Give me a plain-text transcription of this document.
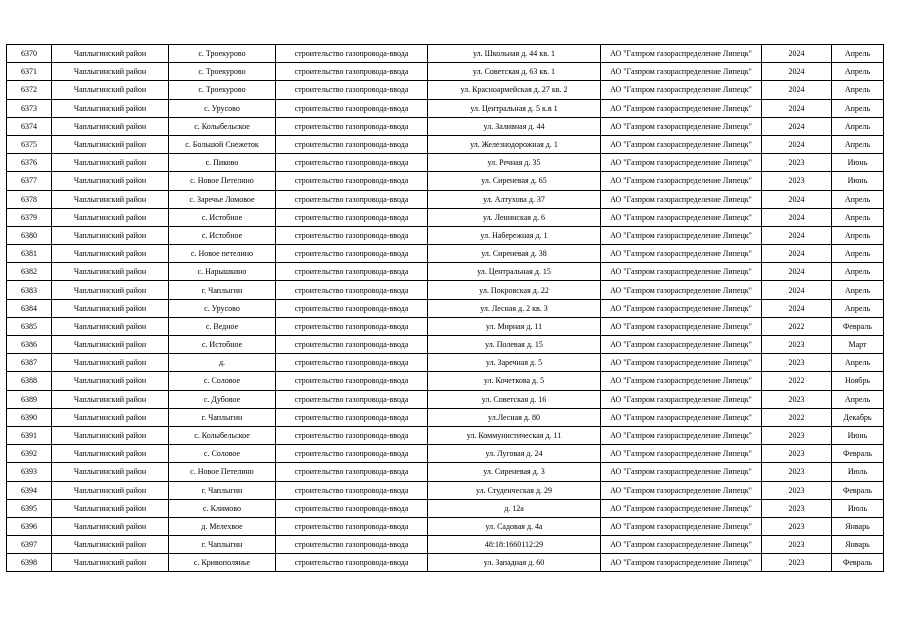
6370	Чаплыгинский район	с. Троекурово	строительство газопровода-ввода	ул. Школьная д. 44 кв. 1	АО "Газпром газораспределение Липецк"	2024	Апрель
6371	Чаплыгинский район	с. Троекурово	строительство газопровода-ввода	ул. Советская д. 63 кв. 1	АО "Газпром газораспределение Липецк"	2024	Апрель
6372	Чаплыгинский район	с. Троекурово	строительство газопровода-ввода	ул. Красноармейская д. 27 кв. 2	АО "Газпром газораспределение Липецк"	2024	Апрель
6373	Чаплыгинский район	с. Урусово	строительство газопровода-ввода	ул. Центральная д. 5 к.в 1	АО "Газпром газораспределение Липецк"	2024	Апрель
6374	Чаплыгинский район	с. Колыбельское	строительство газопровода-ввода	ул. Заливная д. 44	АО "Газпром газораспределение Липецк"	2024	Апрель
6375	Чаплыгинский район	с. Большой Снежеток	строительство газопровода-ввода	ул. Железнодорожная д. 1	АО "Газпром газораспределение Липецк"	2024	Апрель
6376	Чаплыгинский район	с. Пиково	строительство газопровода-ввода	ул. Речная д. 35	АО "Газпром газораспределение Липецк"	2023	Июнь
6377	Чаплыгинский район	с. Новое Петелино	строительство газопровода-ввода	ул. Сиреневая д. 65	АО "Газпром газораспределение Липецк"	2023	Июнь
6378	Чаплыгинский район	с. Заречье Ломовое	строительство газопровода-ввода	ул. Алтухова д. 37	АО "Газпром газораспределение Липецк"	2024	Апрель
6379	Чаплыгинский район	с. Истобное	строительство газопровода-ввода	ул. Ленинская д. 6	АО "Газпром газораспределение Липецк"	2024	Апрель
6380	Чаплыгинский район	с. Истобное	строительство газопровода-ввода	ул. Набережная д. 1	АО "Газпром газораспределение Липецк"	2024	Апрель
6381	Чаплыгинский район	с. Новое петелино	строительство газопровода-ввода	ул. Сиреневая д. 38	АО "Газпром газораспределение Липецк"	2024	Апрель
6382	Чаплыгинский район	с. Нарышкино	строительство газопровода-ввода	ул. Центральная д. 15	АО "Газпром газораспределение Липецк"	2024	Апрель
6383	Чаплыгинский район	г. Чаплыгин	строительство газопровода-ввода	ул. Покровская д. 22	АО "Газпром газораспределение Липецк"	2024	Апрель
6384	Чаплыгинский район	с. Урусово	строительство газопровода-ввода	ул. Лесная д. 2 кв. 3	АО "Газпром газораспределение Липецк"	2024	Апрель
6385	Чаплыгинский район	с. Ведное	строительство газопровода-ввода	ул. Мирная д. 11	АО "Газпром газораспределение Липецк"	2022	Февраль
6386	Чаплыгинский район	с. Истобное	строительство газопровода-ввода	ул. Полевая д. 15	АО "Газпром газораспределение Липецк"	2023	Март
6387	Чаплыгинский район	д.	строительство газопровода-ввода	ул. Заречная д. 5	АО "Газпром газораспределение Липецк"	2023	Апрель
6388	Чаплыгинский район	с. Соловое	строительство газопровода-ввода	ул. Кочеткова д. 5	АО "Газпром газораспределение Липецк"	2022	Ноябрь
6389	Чаплыгинский район	с. Дубовое	строительство газопровода-ввода	ул. Советская д. 16	АО "Газпром газораспределение Липецк"	2023	Апрель
6390	Чаплыгинский район	г. Чаплыгин	строительство газопровода-ввода	ул.Лесная д. 80	АО "Газпром газораспределение Липецк"	2022	Декабрь
6391	Чаплыгинский район	с. Колыбельское	строительство газопровода-ввода	ул. Коммунистическая д. 11	АО "Газпром газораспределение Липецк"	2023	Июнь
6392	Чаплыгинский район	с. Соловое	строительство газопровода-ввода	ул. Луговая д. 24	АО "Газпром газораспределение Липецк"	2023	Февраль
6393	Чаплыгинский район	с. Новое Петелино	строительство газопровода-ввода	ул. Сиреневая д. 3	АО "Газпром газораспределение Липецк"	2023	Июль
6394	Чаплыгинский район	г. Чаплыгин	строительство газопровода-ввода	ул. Студенческая д. 29	АО "Газпром газораспределение Липецк"	2023	Февраль
6395	Чаплыгинский район	с. Климово	строительство газопровода-ввода	д. 12а	АО "Газпром газораспределение Липецк"	2023	Июль
6396	Чаплыгинский район	д. Мелехвое	строительство газопровода-ввода	ул. Садовая д. 4а	АО "Газпром газораспределение Липецк"	2023	Январь
6397	Чаплыгинский район	г. Чаплыгин	строительство газопровода-ввода	48:18:1660112:29	АО "Газпром газораспределение Липецк"	2023	Январь
6398	Чаплыгинский район	с. Кривополянье	строительство газопровода-ввода	ул. Западная д. 60	АО "Газпром газораспределение Липецк"	2023	Февраль
